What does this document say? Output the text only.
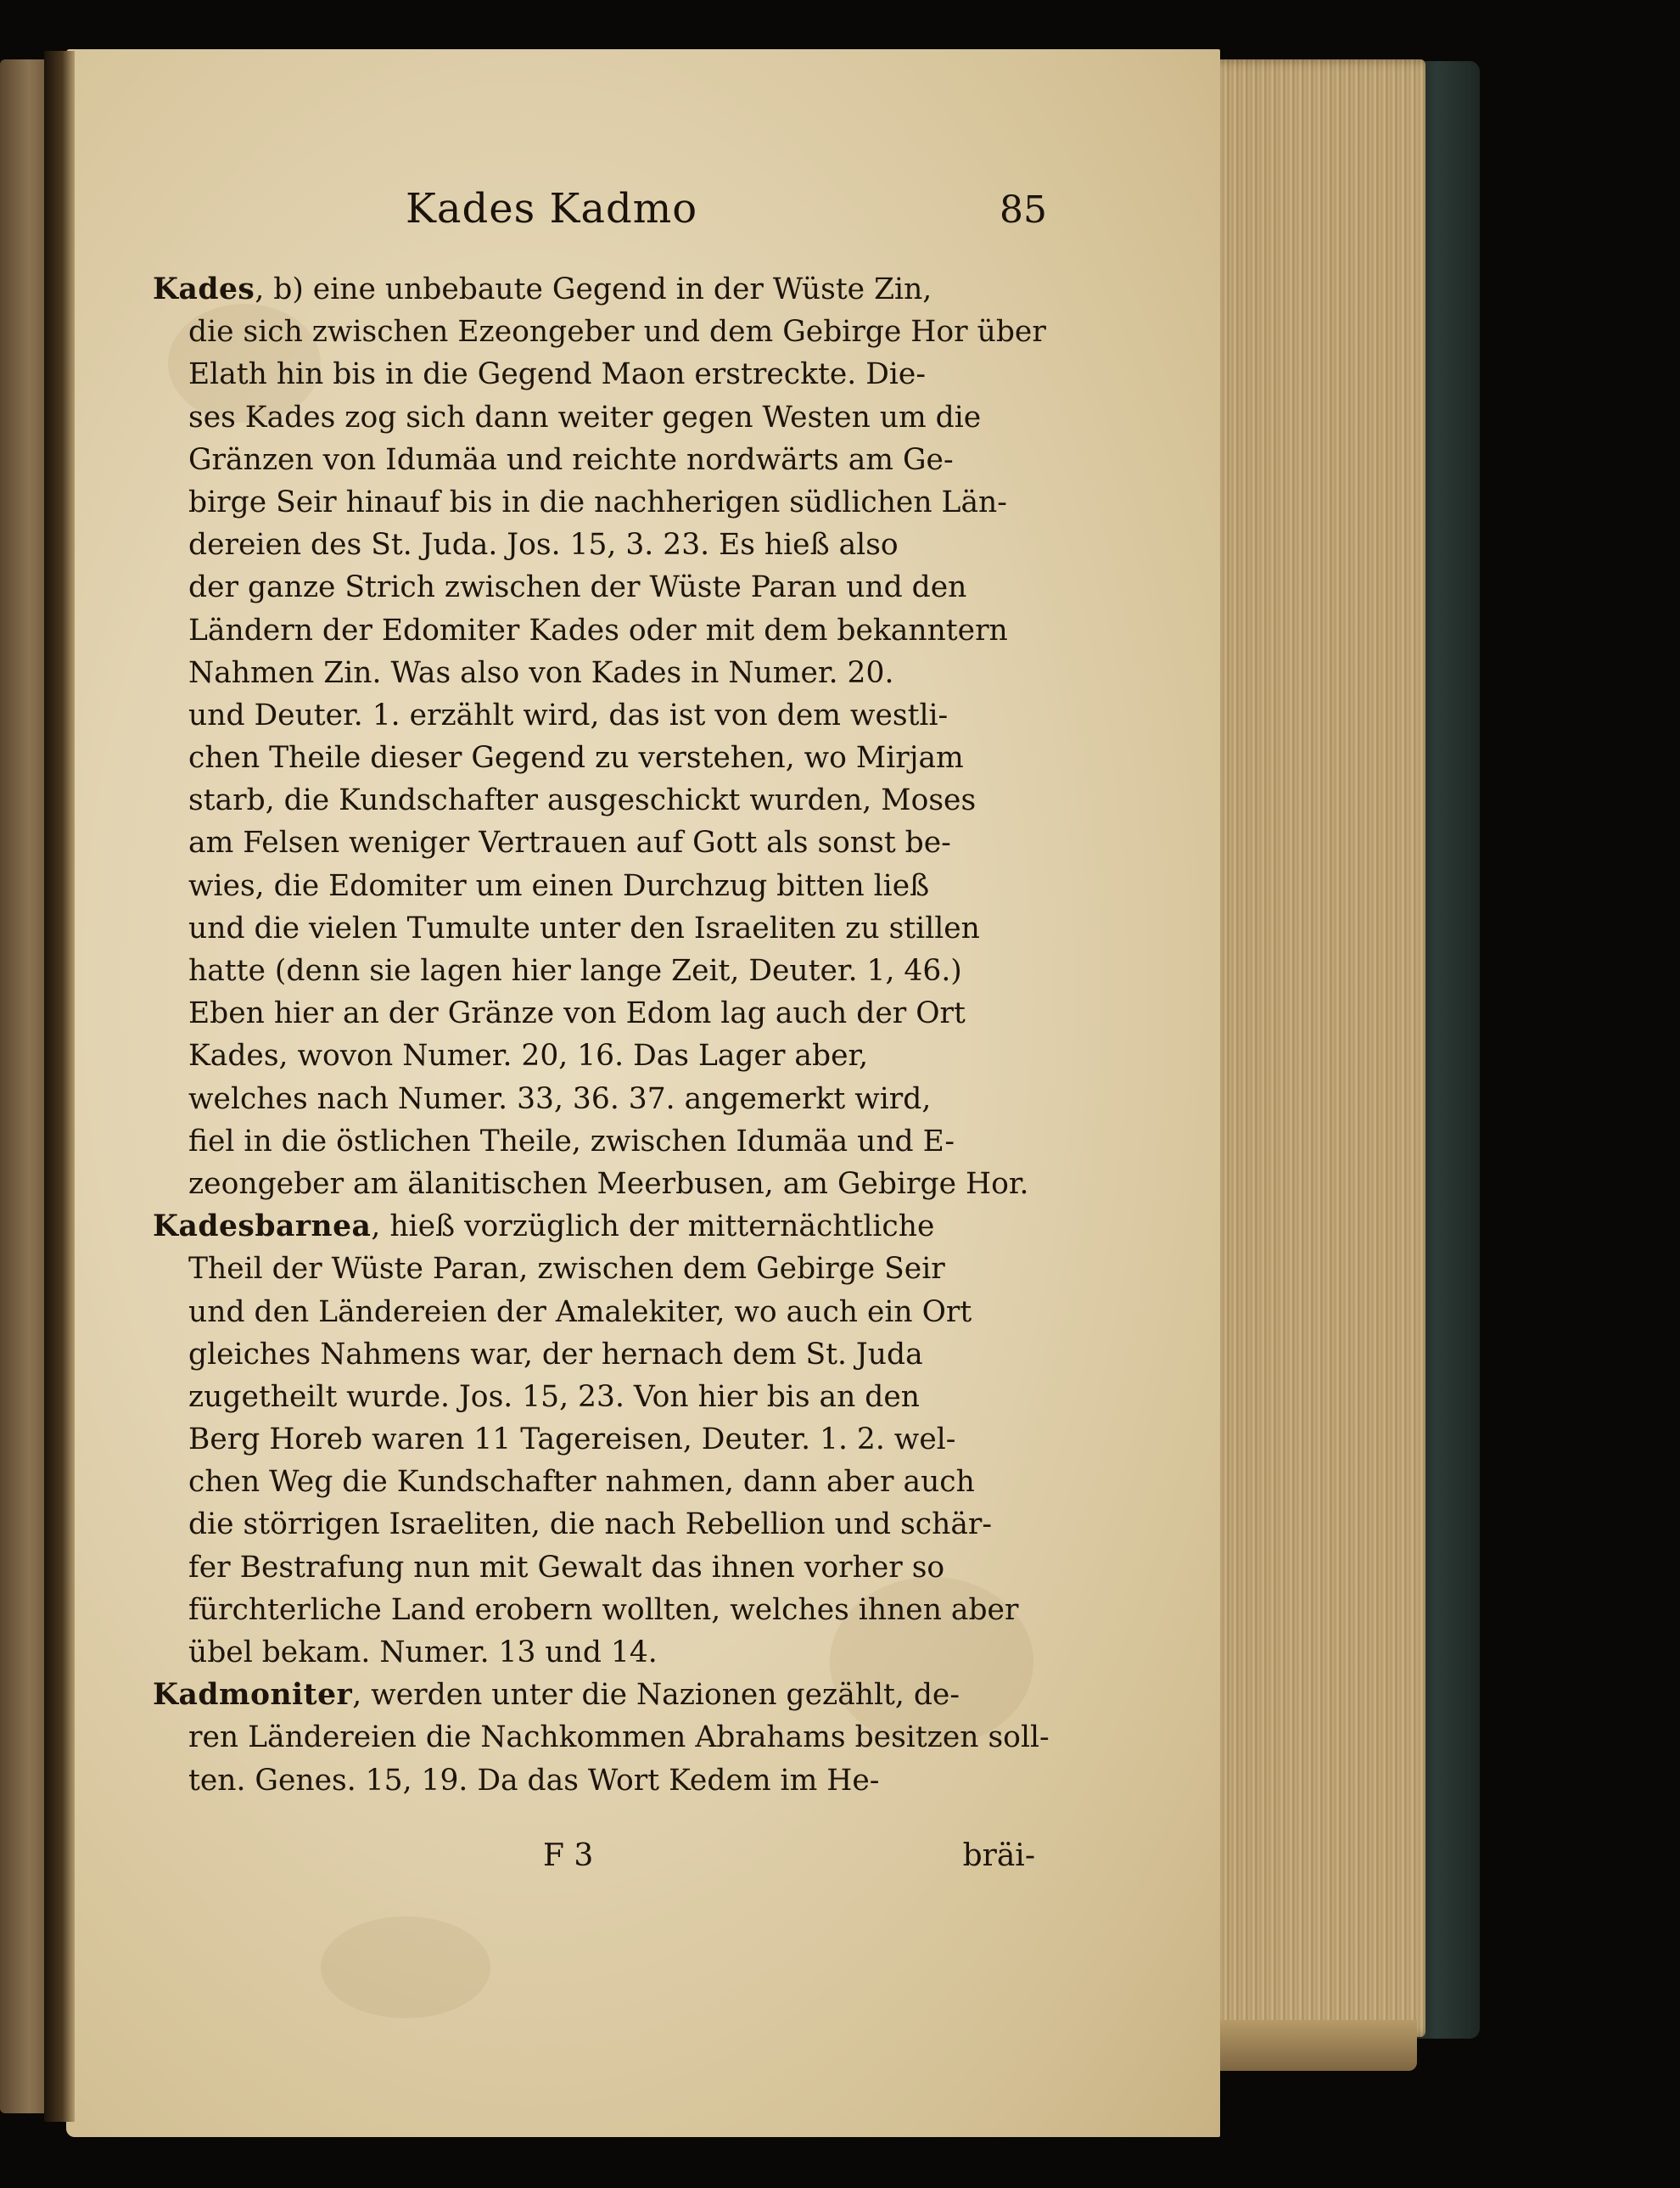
Kades Kadmo	85
Kades, b) eine unbebaute Gegend in der Wüste Zin,
die sich zwischen Ezeongeber und dem Gebirge Hor über
Elath hin bis in die Gegend Maon erstreckte. Die-
ses Kades zog sich dann weiter gegen Westen um die
Gränzen von Idumäa und reichte nordwärts am Ge-
birge Seir hinauf bis in die nachherigen südlichen Län-
dereien des St. Juda. Jos. 15, 3. 23. Es hieß also
der ganze Strich zwischen der Wüste Paran und den
Ländern der Edomiter Kades oder mit dem bekanntern
Nahmen Zin. Was also von Kades in Numer. 20.
und Deuter. 1. erzählt wird, das ist von dem westli-
chen Theile dieser Gegend zu verstehen, wo Mirjam
starb, die Kundschafter ausgeschickt wurden, Moses
am Felsen weniger Vertrauen auf Gott als sonst be-
wies, die Edomiter um einen Durchzug bitten ließ
und die vielen Tumulte unter den Israeliten zu stillen
hatte (denn sie lagen hier lange Zeit, Deuter. 1, 46.)
Eben hier an der Gränze von Edom lag auch der Ort
Kades, wovon Numer. 20, 16. Das Lager aber,
welches nach Numer. 33, 36. 37. angemerkt wird,
fiel in die östlichen Theile, zwischen Idumäa und E-
zeongeber am älanitischen Meerbusen, am Gebirge Hor.
Kadesbarnea, hieß vorzüglich der mitternächtliche
Theil der Wüste Paran, zwischen dem Gebirge Seir
und den Ländereien der Amalekiter, wo auch ein Ort
gleiches Nahmens war, der hernach dem St. Juda
zugetheilt wurde. Jos. 15, 23. Von hier bis an den
Berg Horeb waren 11 Tagereisen, Deuter. 1. 2. wel-
chen Weg die Kundschafter nahmen, dann aber auch
die störrigen Israeliten, die nach Rebellion und schär-
fer Bestrafung nun mit Gewalt das ihnen vorher so
fürchterliche Land erobern wollten, welches ihnen aber
übel bekam. Numer. 13 und 14.
Kadmoniter, werden unter die Nazionen gezählt, de-
ren Ländereien die Nachkommen Abrahams besitzen soll-
ten. Genes. 15, 19. Da das Wort Kedem im He-
F 3	bräi-
